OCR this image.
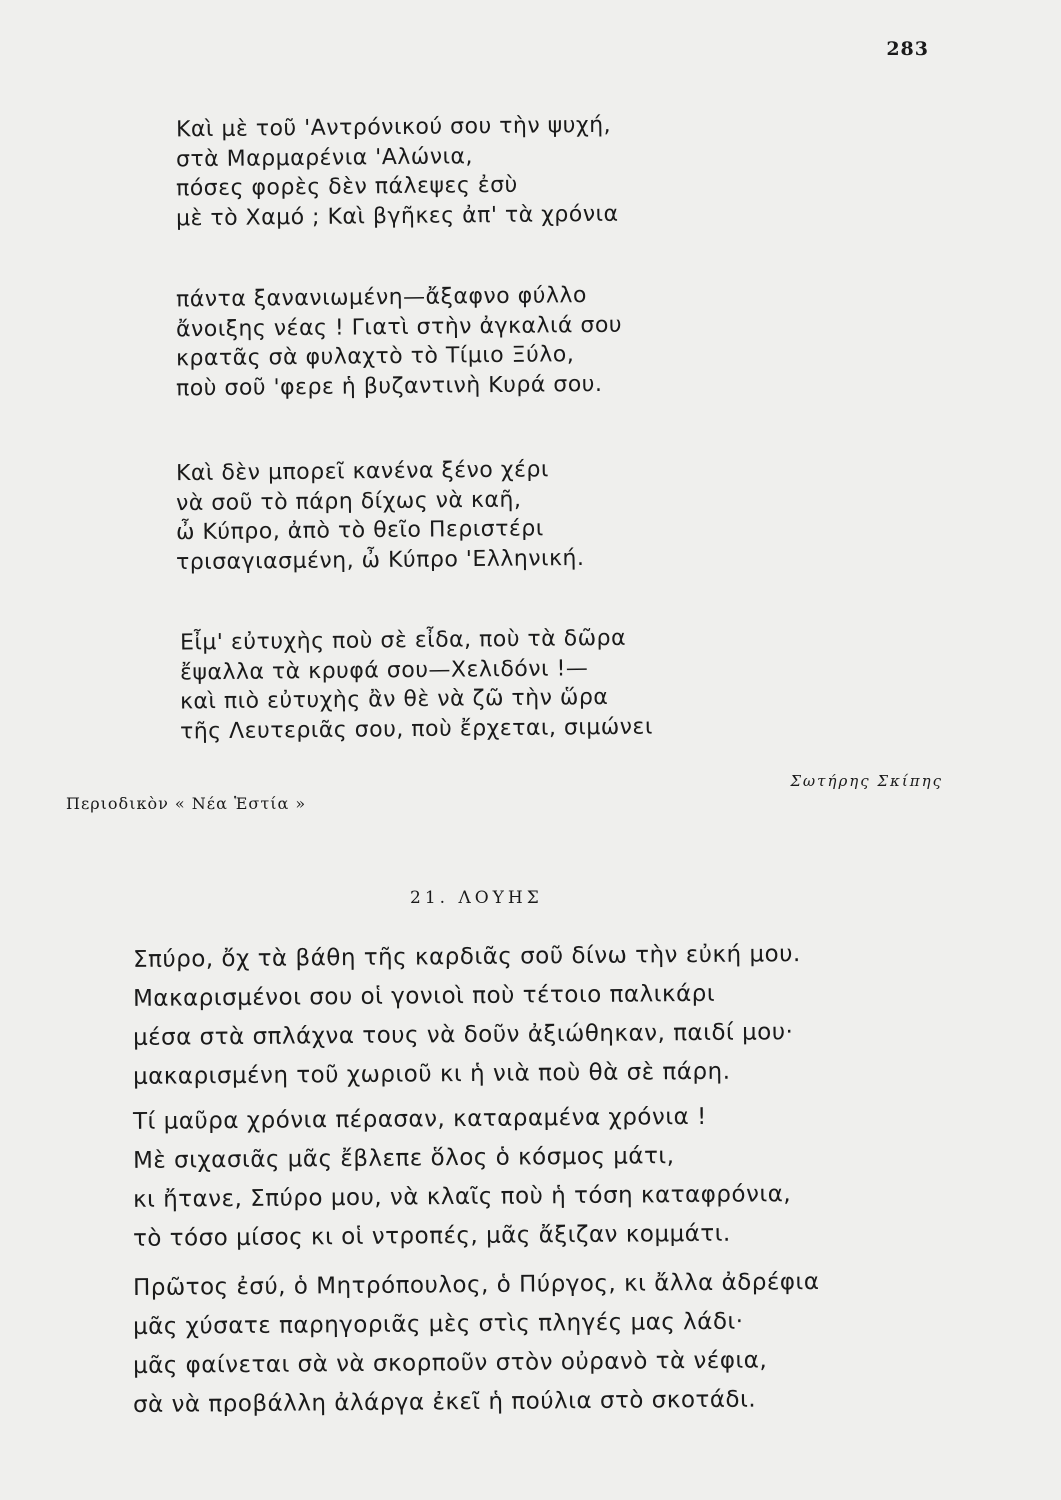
283
Καὶ μὲ τοῦ 'Αντρόνικού σου τὴν ψυχή,
στὰ Μαρμαρένια 'Αλώνια,
πόσες φορὲς δὲν πάλεψες ἐσὺ
μὲ τὸ Χαμό ; Καὶ βγῆκες ἀπ' τὰ χρόνια
πάντα ξανανιωμένη—ἄξαφνο φύλλο
ἄνοιξης νέας ! Γιατὶ στὴν ἀγκαλιά σου
κρατᾶς σὰ φυλαχτὸ τὸ Τίμιο Ξύλο,
ποὺ σοῦ 'φερε ἡ βυζαντινὴ Κυρά σου.
Καὶ δὲν μπορεῖ κανένα ξένο χέρι
νὰ σοῦ τὸ πάρη δίχως νὰ καῆ,
ὦ Κύπρο, ἀπὸ τὸ θεῖο Περιστέρι
τρισαγιασμένη, ὦ Κύπρο 'Ελληνική.
Εἶμ' εὐτυχὴς ποὺ σὲ εἶδα, ποὺ τὰ δῶρα
ἔψαλλα τὰ κρυφά σου—Χελιδόνι !—
καὶ πιὸ εὐτυχὴς ἂν θὲ νὰ ζῶ τὴν ὥρα
τῆς Λευτεριᾶς σου, ποὺ ἔρχεται, σιμώνει
Σωτήρης Σκίπης
Περιοδικὸν « Νέα Ἑστία »
21. ΛΟΥΗΣ
Σπύρο, ὄχ τὰ βάθη τῆς καρδιᾶς σοῦ δίνω τὴν εὐκή μου.
Μακαρισμένοι σου οἱ γονιοὶ ποὺ τέτοιο παλικάρι
μέσα στὰ σπλάχνα τους νὰ δοῦν ἀξιώθηκαν, παιδί μου·
μακαρισμένη τοῦ χωριοῦ κι ἡ νιὰ ποὺ θὰ σὲ πάρη.
Τί μαῦρα χρόνια πέρασαν, καταραμένα χρόνια !
Μὲ σιχασιᾶς μᾶς ἔβλεπε ὅλος ὁ κόσμος μάτι,
κι ἤτανε, Σπύρο μου, νὰ κλαῖς ποὺ ἡ τόση καταφρόνια,
τὸ τόσο μίσος κι οἱ ντροπές, μᾶς ἄξιζαν κομμάτι.
Πρῶτος ἐσύ, ὁ Μητρόπουλος, ὁ Πύργος, κι ἄλλα ἀδρέφια
μᾶς χύσατε παρηγοριᾶς μὲς στὶς πληγές μας λάδι·
μᾶς φαίνεται σὰ νὰ σκορποῦν στὸν οὐρανὸ τὰ νέφια,
σὰ νὰ προβάλλη ἀλάργα ἐκεῖ ἡ πούλια στὸ σκοτάδι.
